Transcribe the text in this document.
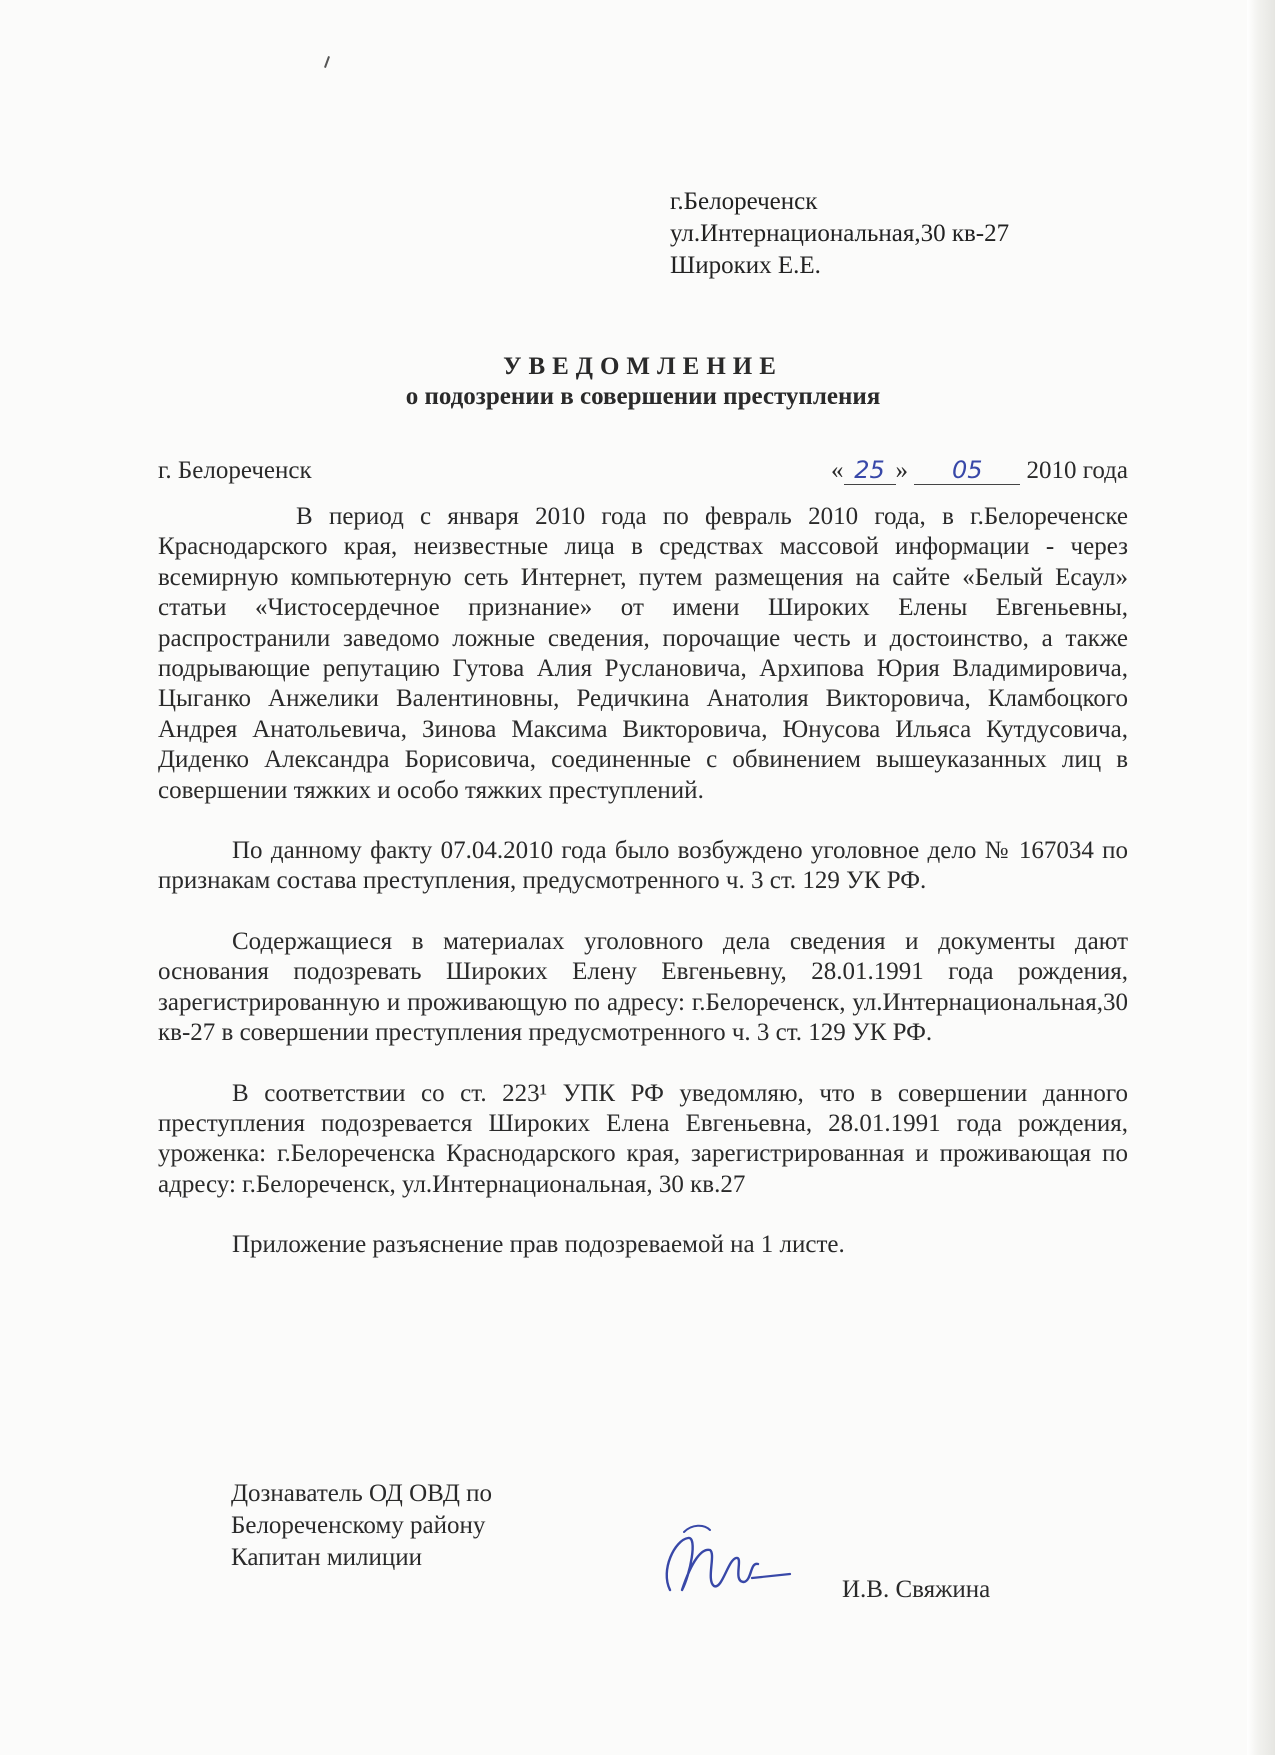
г.Белореченск
ул.Интернациональная,30 кв-27
Широких Е.Е.
УВЕДОМЛЕНИЕ
о подозрении в совершении преступления
г. Белореченск	« 25 » 05 2010 года

В период с января 2010 года по февраль 2010 года, в г.Белореченске Краснодарского края, неизвестные лица в средствах массовой информации - через всемирную компьютерную сеть Интернет, путем размещения на сайте «Белый Есаул» статьи «Чистосердечное признание» от имени Широких Елены Евгеньевны, распространили заведомо ложные сведения, порочащие честь и достоинство, а также подрывающие репутацию Гутова Алия Руслановича, Архипова Юрия Владимировича, Цыганко Анжелики Валентиновны, Редичкина Анатолия Викторовича, Кламбоцкого Андрея Анатольевича, Зинова Максима Викторовича, Юнусова Ильяса Кутдусовича, Диденко Александра Борисовича, соединенные с обвинением вышеуказанных лиц в совершении тяжких и особо тяжких преступлений.

По данному факту 07.04.2010 года было возбуждено уголовное дело № 167034 по признакам состава преступления, предусмотренного ч. 3 ст. 129 УК РФ.

Содержащиеся в материалах уголовного дела сведения и документы дают основания подозревать Широких Елену Евгеньевну, 28.01.1991 года рождения, зарегистрированную и проживающую по адресу: г.Белореченск, ул.Интернациональная,30 кв-27 в совершении преступления предусмотренного ч. 3 ст. 129 УК РФ.

В соответствии со ст. 223¹ УПК РФ уведомляю, что в совершении данного преступления подозревается Широких Елена Евгеньевна, 28.01.1991 года рождения, уроженка: г.Белореченска Краснодарского края, зарегистрированная и проживающая по адресу: г.Белореченск, ул.Интернациональная, 30 кв.27

Приложение разъяснение прав подозреваемой на 1 листе.

Дознаватель ОД ОВД по
Белореченскому району
Капитан милиции
И.В. Свяжина
